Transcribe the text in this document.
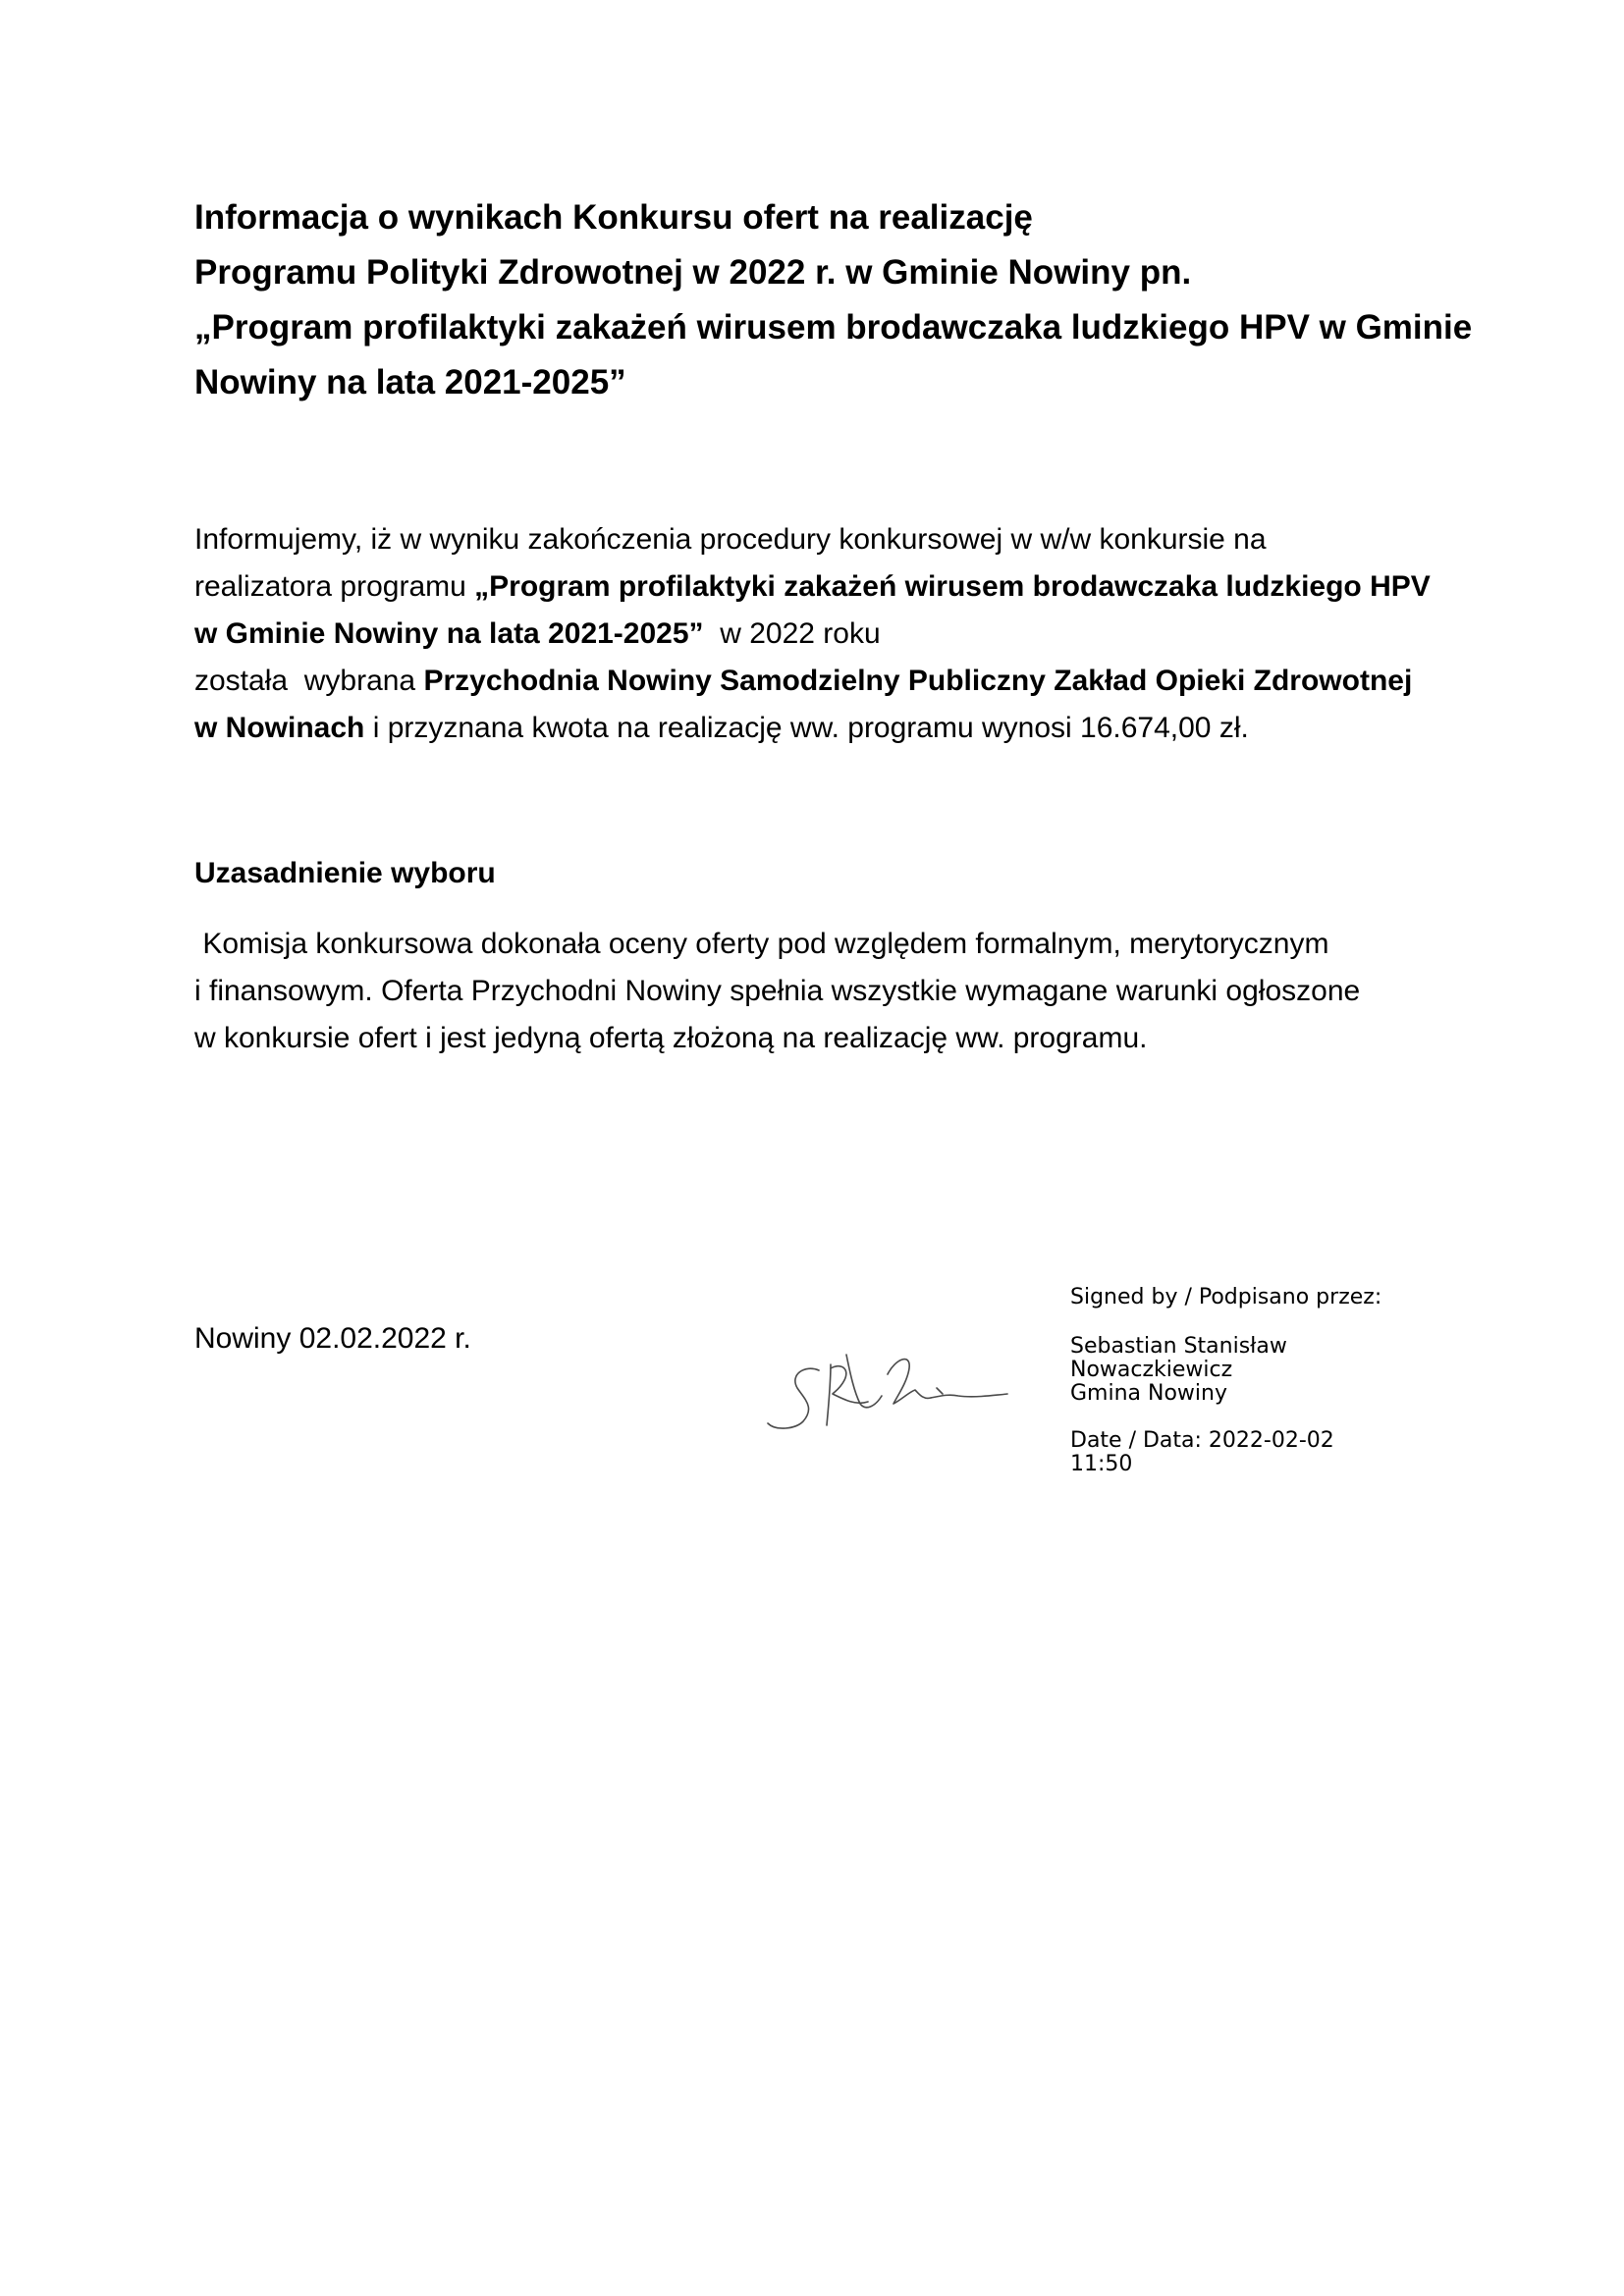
Informacja o wynikach Konkursu ofert na realizację
Programu Polityki Zdrowotnej w 2022 r. w Gminie Nowiny pn.
„Program profilaktyki zakażeń wirusem brodawczaka ludzkiego HPV w Gminie
Nowiny na lata 2021-2025”
Informujemy, iż w wyniku zakończenia procedury konkursowej w w/w konkursie na
realizatora programu „Program profilaktyki zakażeń wirusem brodawczaka ludzkiego HPV
w Gminie Nowiny na lata 2021-2025”  w 2022 roku
została  wybrana Przychodnia Nowiny Samodzielny Publiczny Zakład Opieki Zdrowotnej
w Nowinach i przyznana kwota na realizację ww. programu wynosi 16.674,00 zł.
Uzasadnienie wyboru
Komisja konkursowa dokonała oceny oferty pod względem formalnym, merytorycznym
i finansowym. Oferta Przychodni Nowiny spełnia wszystkie wymagane warunki ogłoszone
w konkursie ofert i jest jedyną ofertą złożoną na realizację ww. programu.
Nowiny 02.02.2022 r.
Signed by / Podpisano przez:
Sebastian Stanisław
Nowaczkiewicz
Gmina Nowiny
Date / Data: 2022-02-02
11:50
